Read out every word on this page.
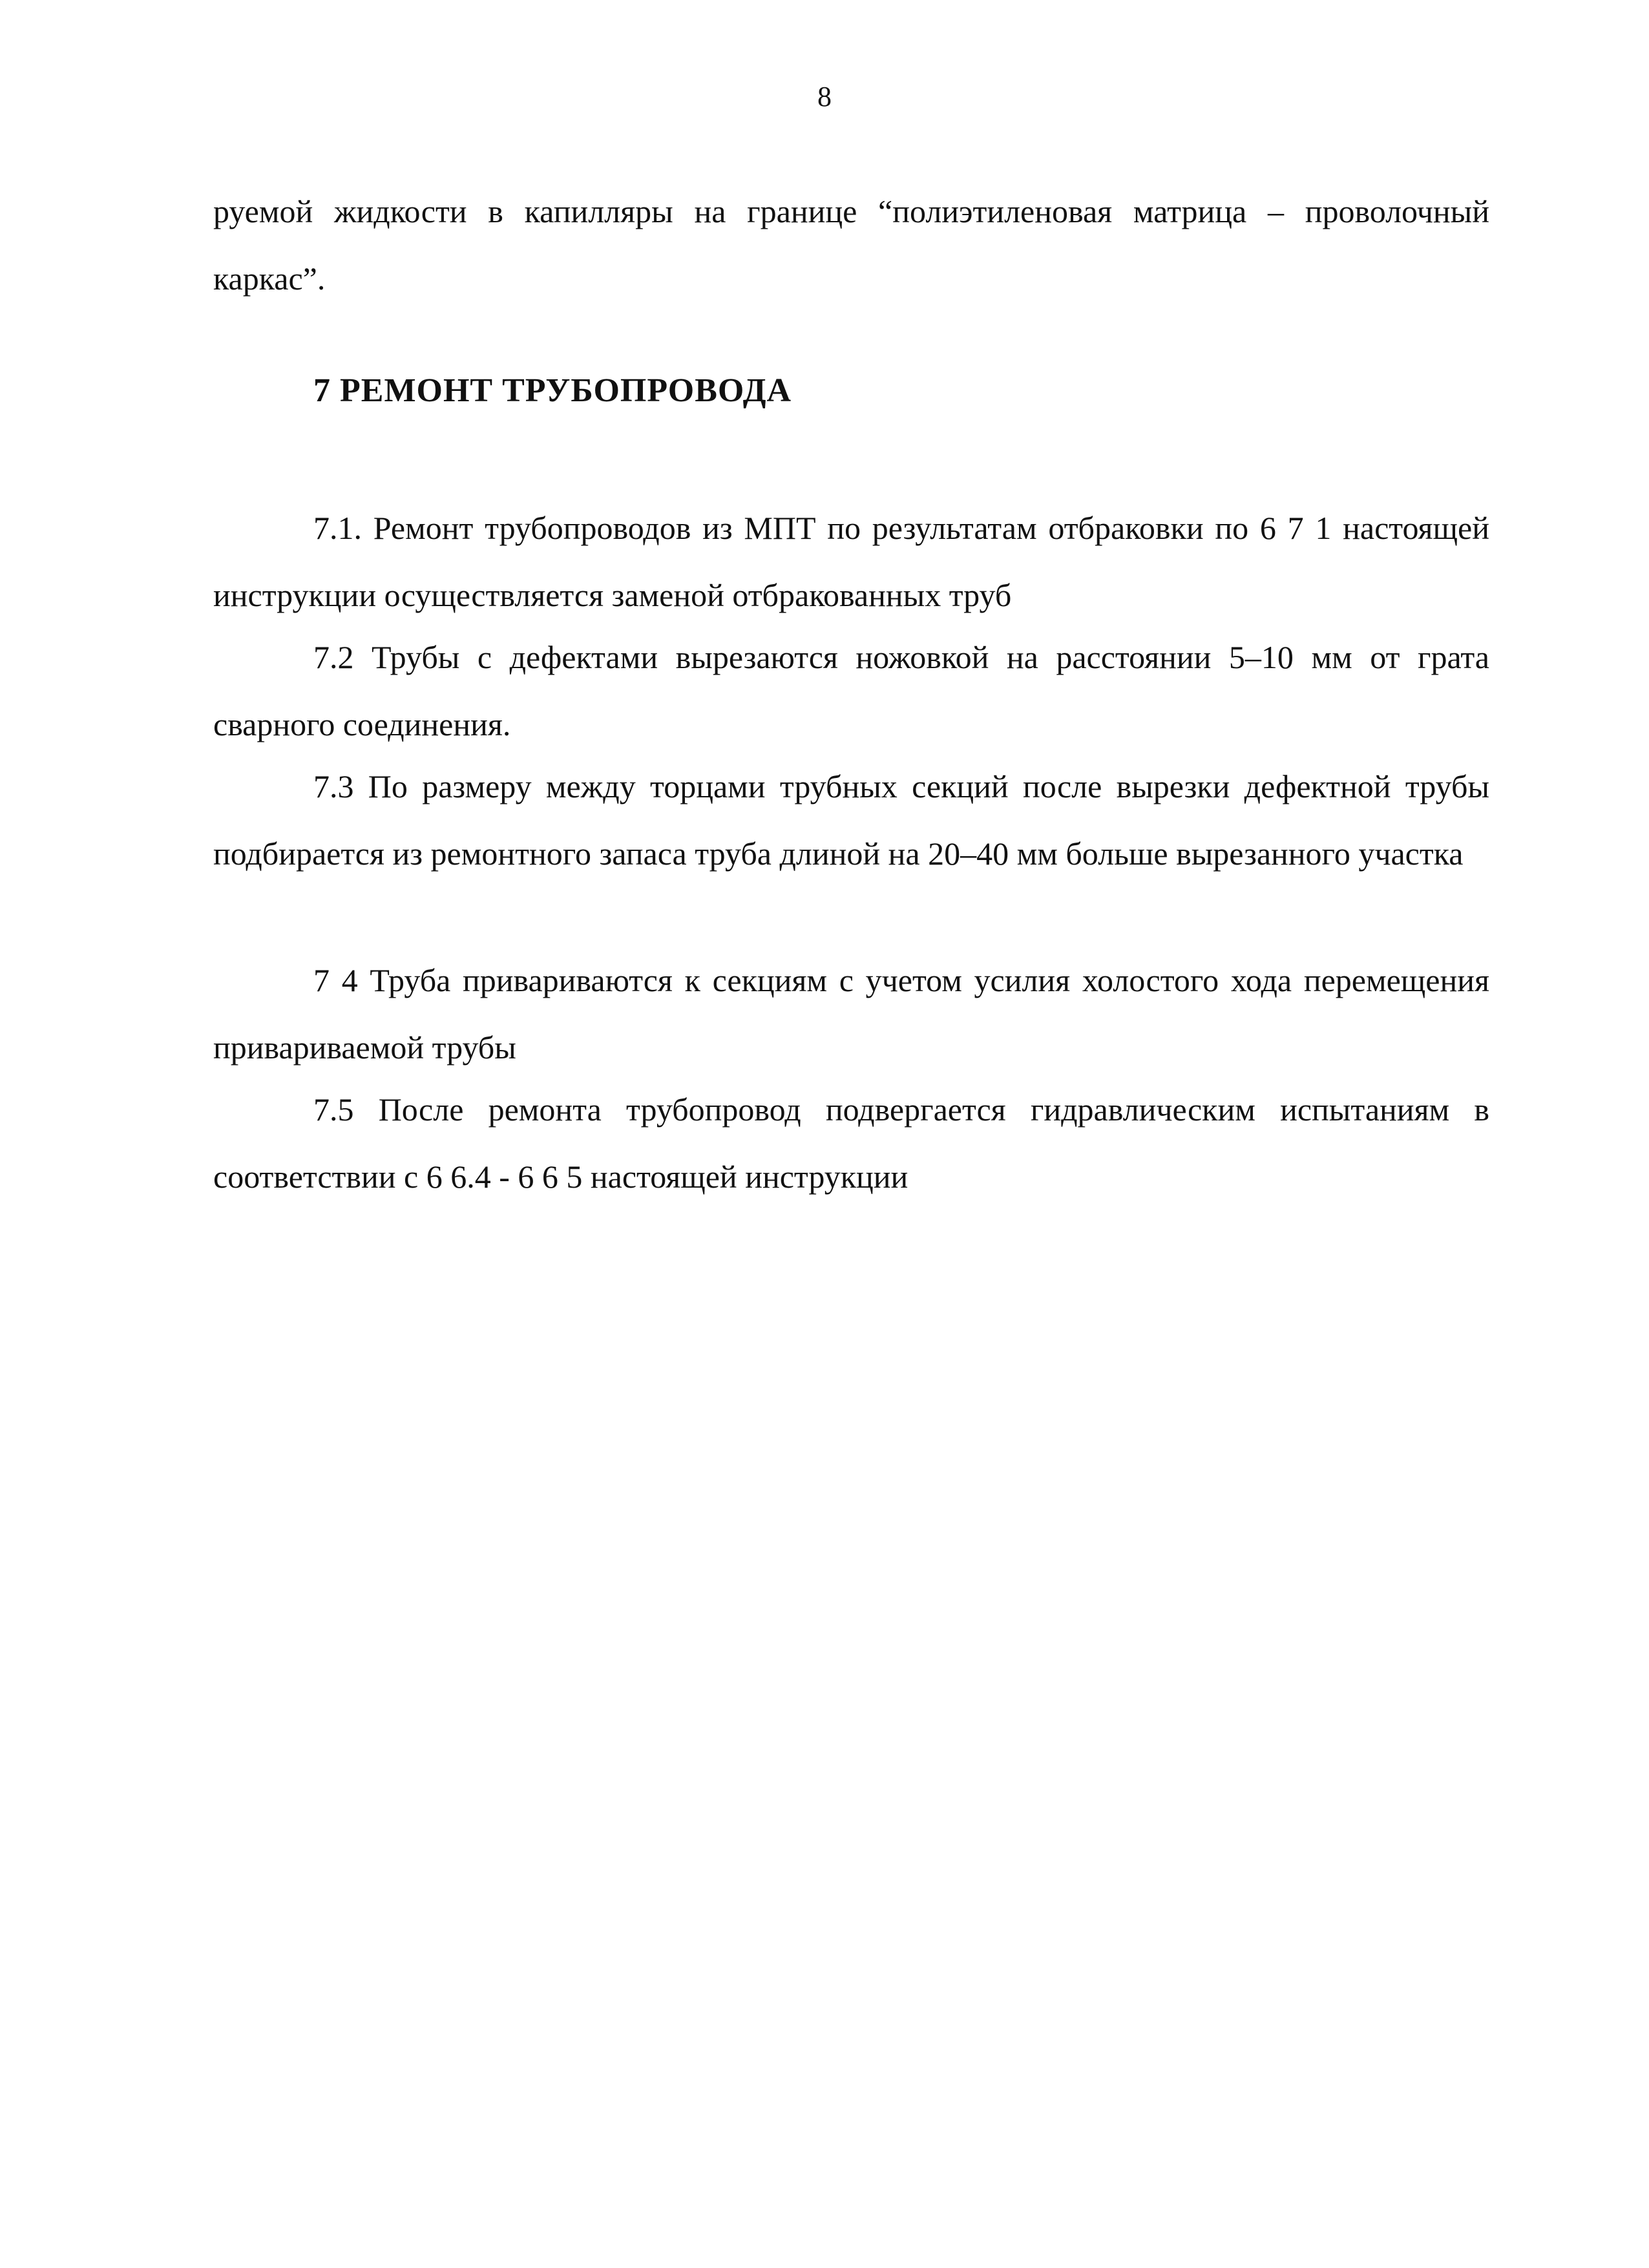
8
руемой жидкости в капилляры на границе “полиэтиленовая матрица – проволочный каркас”.
7 РЕМОНТ ТРУБОПРОВОДА
7.1. Ремонт трубопроводов из МПТ по результатам отбраковки по 6 7 1 настоящей инструкции осуществляется заменой отбракованных труб
7.2 Трубы с дефектами вырезаются ножовкой на расстоянии 5–10 мм от грата сварного соединения.
7.3 По размеру между торцами трубных секций после вырезки дефектной трубы подбирается из ремонтного запаса труба длиной на 20–40 мм больше вырезанного участка
7 4 Труба привариваются к секциям с учетом усилия холостого хода перемещения привариваемой трубы
7.5 После ремонта трубопровод подвергается гидравлическим испытаниям в соответствии с 6 6.4 - 6 6 5 настоящей инструкции
